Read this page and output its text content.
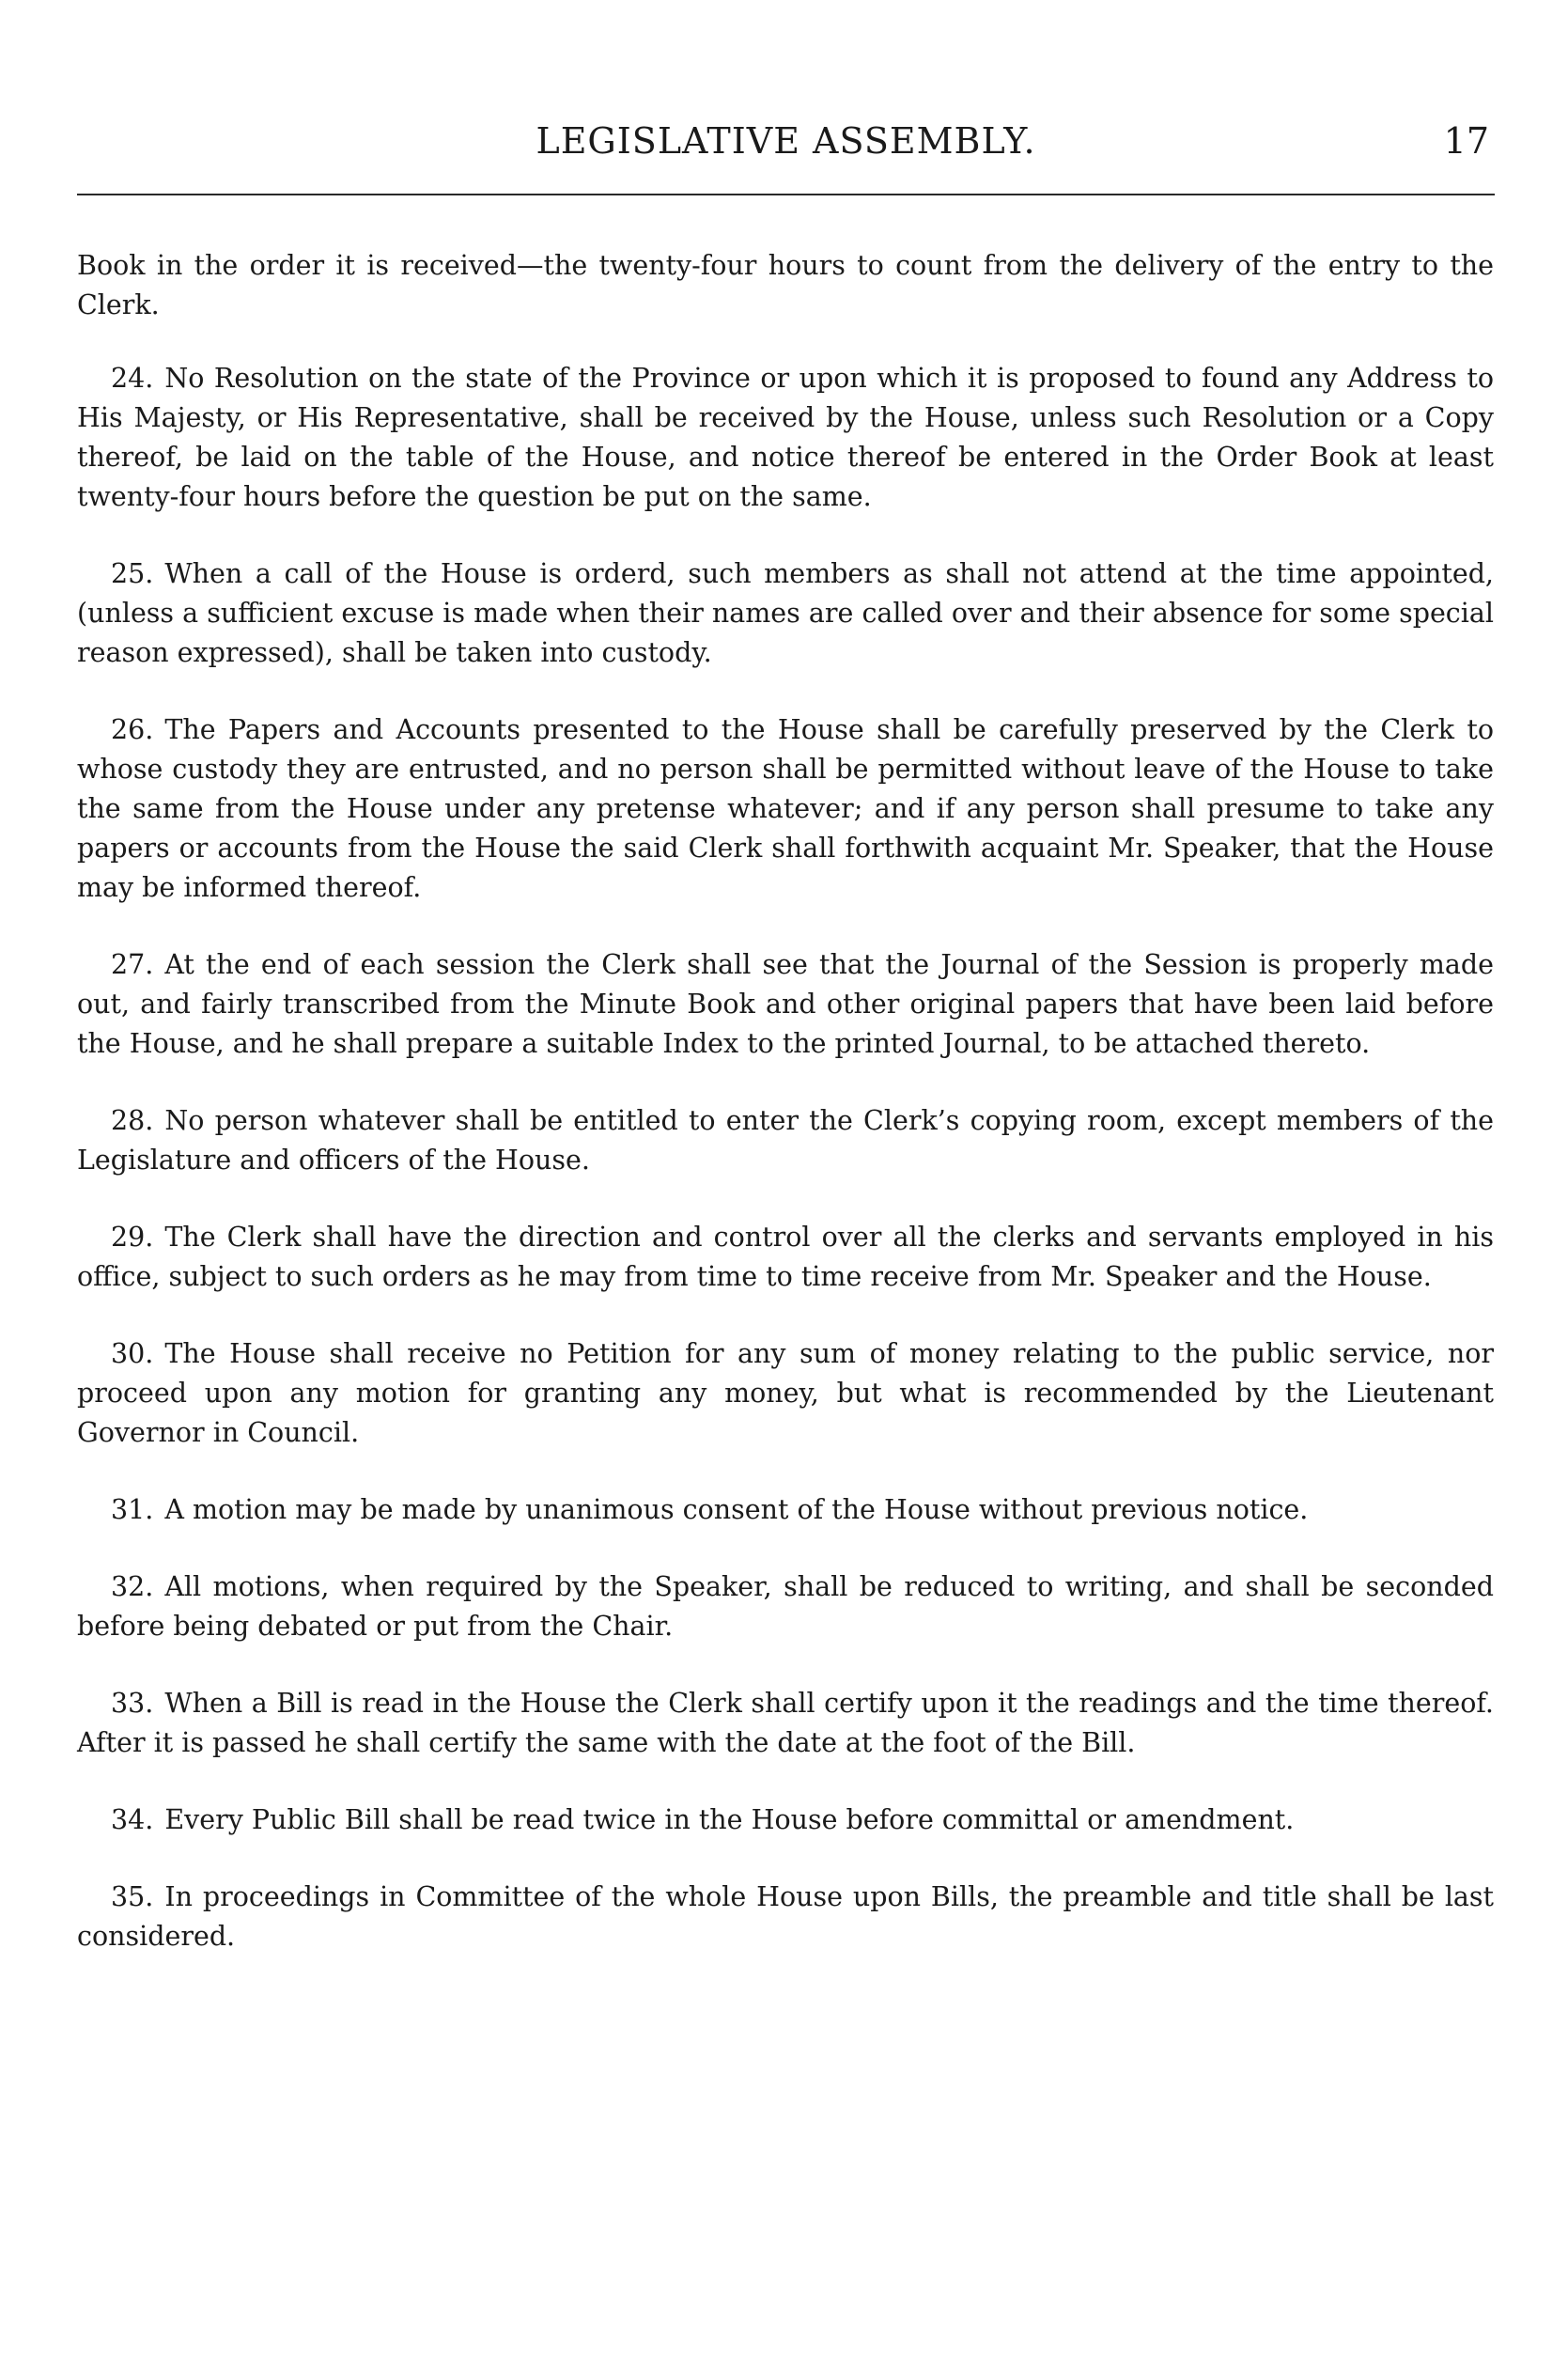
LEGISLATIVE ASSEMBLY.	17

Book in the order it is received—the twenty-four hours to count from the delivery of the entry to the Clerk.

24. No Resolution on the state of the Province or upon which it is proposed to found any Address to His Majesty, or His Representative, shall be received by the House, unless such Resolution or a Copy thereof, be laid on the table of the House, and notice thereof be entered in the Order Book at least twenty-four hours before the question be put on the same.

25. When a call of the House is orderd, such members as shall not attend at the time appointed, (unless a sufficient excuse is made when their names are called over and their absence for some special reason expressed), shall be taken into custody.

26. The Papers and Accounts presented to the House shall be carefully preserved by the Clerk to whose custody they are entrusted, and no person shall be permitted without leave of the House to take the same from the House under any pretense whatever; and if any person shall presume to take any papers or accounts from the House the said Clerk shall forthwith acquaint Mr. Speaker, that the House may be informed thereof.

27. At the end of each session the Clerk shall see that the Journal of the Session is properly made out, and fairly transcribed from the Minute Book and other original papers that have been laid before the House, and he shall prepare a suitable Index to the printed Journal, to be attached thereto.

28. No person whatever shall be entitled to enter the Clerk’s copying room, except members of the Legislature and officers of the House.

29. The Clerk shall have the direction and control over all the clerks and servants employed in his office, subject to such orders as he may from time to time receive from Mr. Speaker and the House.

30. The House shall receive no Petition for any sum of money relating to the public service, nor proceed upon any motion for granting any money, but what is recommended by the Lieutenant Governor in Council.

31. A motion may be made by unanimous consent of the House without previous notice.

32. All motions, when required by the Speaker, shall be reduced to writing, and shall be seconded before being debated or put from the Chair.

33. When a Bill is read in the House the Clerk shall certify upon it the readings and the time thereof. After it is passed he shall certify the same with the date at the foot of the Bill.

34. Every Public Bill shall be read twice in the House before committal or amendment.

35. In proceedings in Committee of the whole House upon Bills, the preamble and title shall be last considered.
